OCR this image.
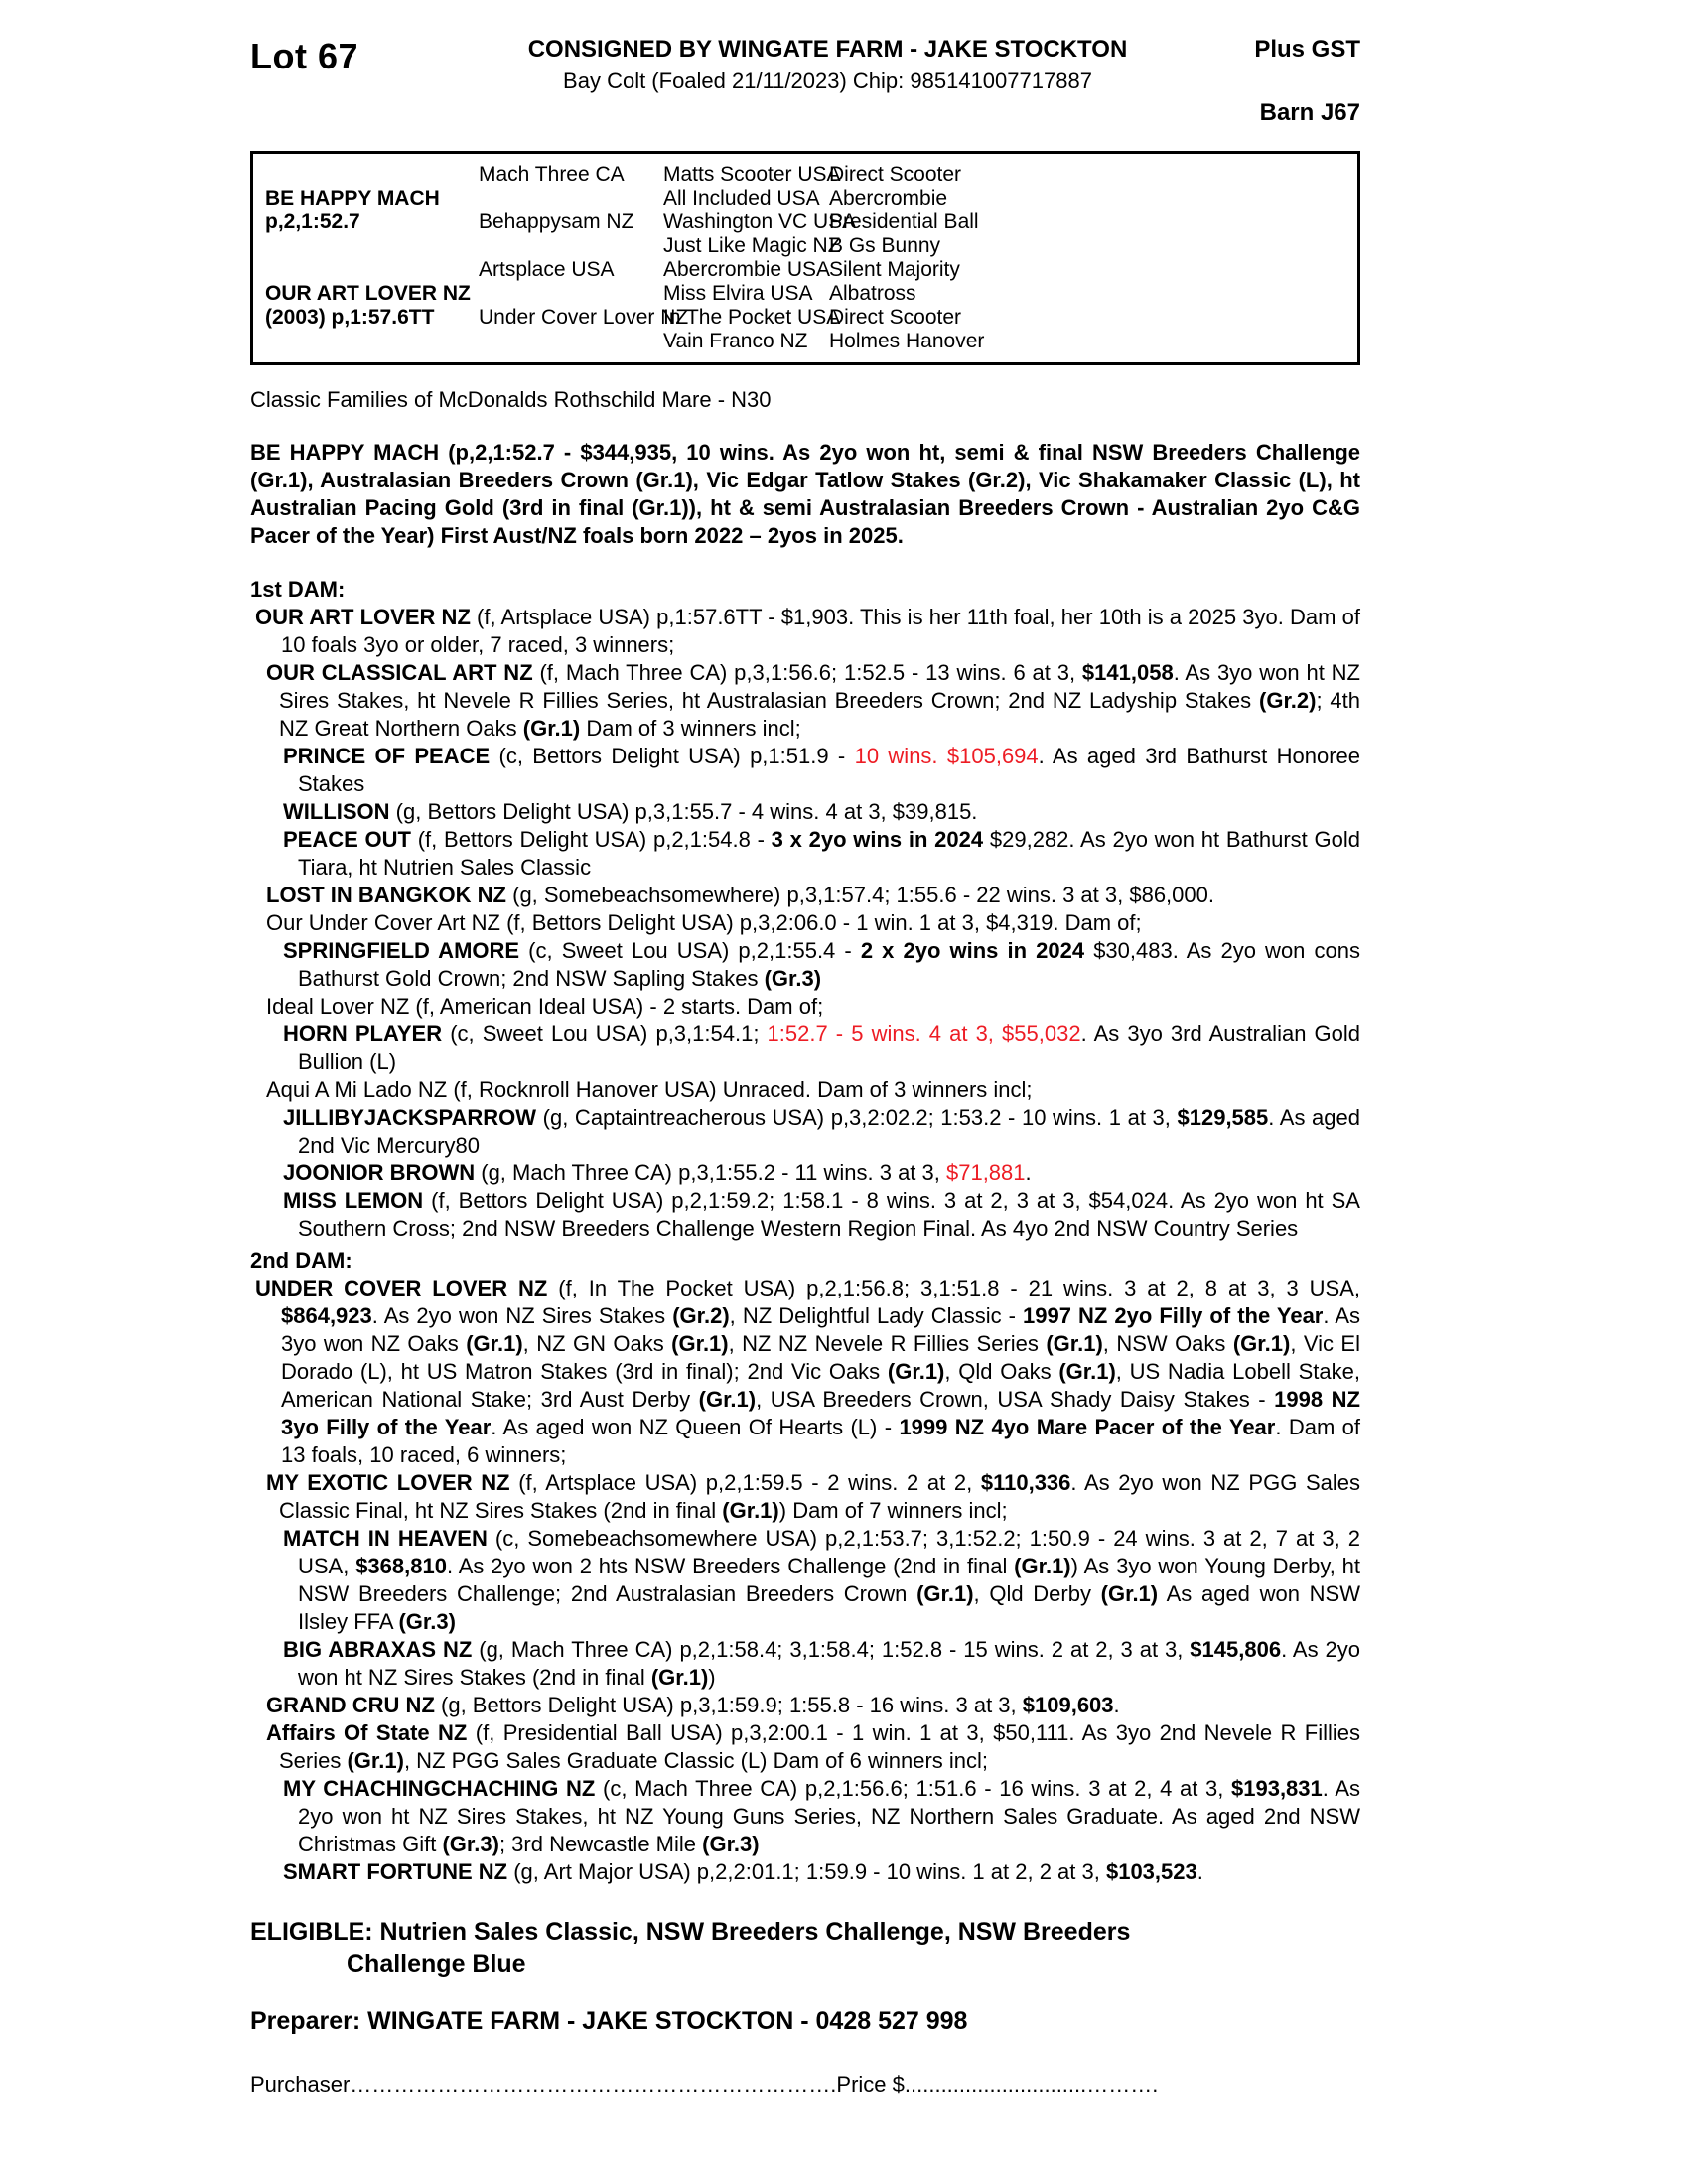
Lot 67	CONSIGNED BY WINGATE FARM - JAKE STOCKTON
Bay Colt (Foaled 21/11/2023) Chip: 985141007717887
Plus GST
Barn J67
BE HAPPY MACH
p,2,1:52.7
OUR ART LOVER NZ
(2003) p,1:57.6TT
Mach Three CA
Behappysam NZ
Artsplace USA
Under Cover Lover NZ
Matts Scooter USA
All Included USA
Washington VC USA
Just Like Magic NZ
Abercrombie USA
Miss Elvira USA
In The Pocket USA
Vain Franco NZ
Direct Scooter
Abercrombie
Presidential Ball
B Gs Bunny
Silent Majority
Albatross
Direct Scooter
Holmes Hanover
Classic Families of McDonalds Rothschild Mare - N30
BE HAPPY MACH (p,2,1:52.7 - $344,935, 10 wins. As 2yo won ht, semi & final NSW Breeders Challenge (Gr.1), Australasian Breeders Crown (Gr.1), Vic Edgar Tatlow Stakes (Gr.2), Vic Shakamaker Classic (L), ht Australian Pacing Gold (3rd in final (Gr.1)), ht & semi Australasian Breeders Crown - Australian 2yo C&G Pacer of the Year) First Aust/NZ foals born 2022 – 2yos in 2025.
1st DAM:
OUR ART LOVER NZ (f, Artsplace USA) p,1:57.6TT - $1,903. This is her 11th foal, her 10th is a 2025 3yo. Dam of 10 foals 3yo or older, 7 raced, 3 winners;
OUR CLASSICAL ART NZ (f, Mach Three CA) p,3,1:56.6; 1:52.5 - 13 wins. 6 at 3, $141,058. As 3yo won ht NZ Sires Stakes, ht Nevele R Fillies Series, ht Australasian Breeders Crown; 2nd NZ Ladyship Stakes (Gr.2); 4th NZ Great Northern Oaks (Gr.1) Dam of 3 winners incl;
PRINCE OF PEACE (c, Bettors Delight USA) p,1:51.9 - 10 wins. $105,694. As aged 3rd Bathurst Honoree Stakes
WILLISON (g, Bettors Delight USA) p,3,1:55.7 - 4 wins. 4 at 3, $39,815.
PEACE OUT (f, Bettors Delight USA) p,2,1:54.8 - 3 x 2yo wins in 2024 $29,282. As 2yo won ht Bathurst Gold Tiara, ht Nutrien Sales Classic
LOST IN BANGKOK NZ (g, Somebeachsomewhere) p,3,1:57.4; 1:55.6 - 22 wins. 3 at 3, $86,000.
Our Under Cover Art NZ (f, Bettors Delight USA) p,3,2:06.0 - 1 win. 1 at 3, $4,319. Dam of;
SPRINGFIELD AMORE (c, Sweet Lou USA) p,2,1:55.4 - 2 x 2yo wins in 2024 $30,483. As 2yo won cons Bathurst Gold Crown; 2nd NSW Sapling Stakes (Gr.3)
Ideal Lover NZ (f, American Ideal USA) - 2 starts. Dam of;
HORN PLAYER (c, Sweet Lou USA) p,3,1:54.1; 1:52.7 - 5 wins. 4 at 3, $55,032. As 3yo 3rd Australian Gold Bullion (L)
Aqui A Mi Lado NZ (f, Rocknroll Hanover USA) Unraced. Dam of 3 winners incl;
JILLIBYJACKSPARROW (g, Captaintreacherous USA) p,3,2:02.2; 1:53.2 - 10 wins. 1 at 3, $129,585. As aged 2nd Vic Mercury80
JOONIOR BROWN (g, Mach Three CA) p,3,1:55.2 - 11 wins. 3 at 3, $71,881.
MISS LEMON (f, Bettors Delight USA) p,2,1:59.2; 1:58.1 - 8 wins. 3 at 2, 3 at 3, $54,024. As 2yo won ht SA Southern Cross; 2nd NSW Breeders Challenge Western Region Final. As 4yo 2nd NSW Country Series
2nd DAM:
UNDER COVER LOVER NZ (f, In The Pocket USA) p,2,1:56.8; 3,1:51.8 - 21 wins. 3 at 2, 8 at 3, 3 USA, $864,923. As 2yo won NZ Sires Stakes (Gr.2), NZ Delightful Lady Classic - 1997 NZ 2yo Filly of the Year. As 3yo won NZ Oaks (Gr.1), NZ GN Oaks (Gr.1), NZ NZ Nevele R Fillies Series (Gr.1), NSW Oaks (Gr.1), Vic El Dorado (L), ht US Matron Stakes (3rd in final); 2nd Vic Oaks (Gr.1), Qld Oaks (Gr.1), US Nadia Lobell Stake, American National Stake; 3rd Aust Derby (Gr.1), USA Breeders Crown, USA Shady Daisy Stakes - 1998 NZ 3yo Filly of the Year. As aged won NZ Queen Of Hearts (L) - 1999 NZ 4yo Mare Pacer of the Year. Dam of 13 foals, 10 raced, 6 winners;
MY EXOTIC LOVER NZ (f, Artsplace USA) p,2,1:59.5 - 2 wins. 2 at 2, $110,336. As 2yo won NZ PGG Sales Classic Final, ht NZ Sires Stakes (2nd in final (Gr.1)) Dam of 7 winners incl;
MATCH IN HEAVEN (c, Somebeachsomewhere USA) p,2,1:53.7; 3,1:52.2; 1:50.9 - 24 wins. 3 at 2, 7 at 3, 2 USA, $368,810. As 2yo won 2 hts NSW Breeders Challenge (2nd in final (Gr.1)) As 3yo won Young Derby, ht NSW Breeders Challenge; 2nd Australasian Breeders Crown (Gr.1), Qld Derby (Gr.1) As aged won NSW Ilsley FFA (Gr.3)
BIG ABRAXAS NZ (g, Mach Three CA) p,2,1:58.4; 3,1:58.4; 1:52.8 - 15 wins. 2 at 2, 3 at 3, $145,806. As 2yo won ht NZ Sires Stakes (2nd in final (Gr.1))
GRAND CRU NZ (g, Bettors Delight USA) p,3,1:59.9; 1:55.8 - 16 wins. 3 at 3, $109,603.
Affairs Of State NZ (f, Presidential Ball USA) p,3,2:00.1 - 1 win. 1 at 3, $50,111. As 3yo 2nd Nevele R Fillies Series (Gr.1), NZ PGG Sales Graduate Classic (L) Dam of 6 winners incl;
MY CHACHINGCHACHING NZ (c, Mach Three CA) p,2,1:56.6; 1:51.6 - 16 wins. 3 at 2, 4 at 3, $193,831. As 2yo won ht NZ Sires Stakes, ht NZ Young Guns Series, NZ Northern Sales Graduate. As aged 2nd NSW Christmas Gift (Gr.3); 3rd Newcastle Mile (Gr.3)
SMART FORTUNE NZ (g, Art Major USA) p,2,2:01.1; 1:59.9 - 10 wins. 1 at 2, 2 at 3, $103,523.
ELIGIBLE: Nutrien Sales Classic, NSW Breeders Challenge, NSW Breeders
Challenge Blue
Preparer: WINGATE FARM - JAKE STOCKTON - 0428 527 998
Purchaser………………………………………………………….Price $..............................……….
